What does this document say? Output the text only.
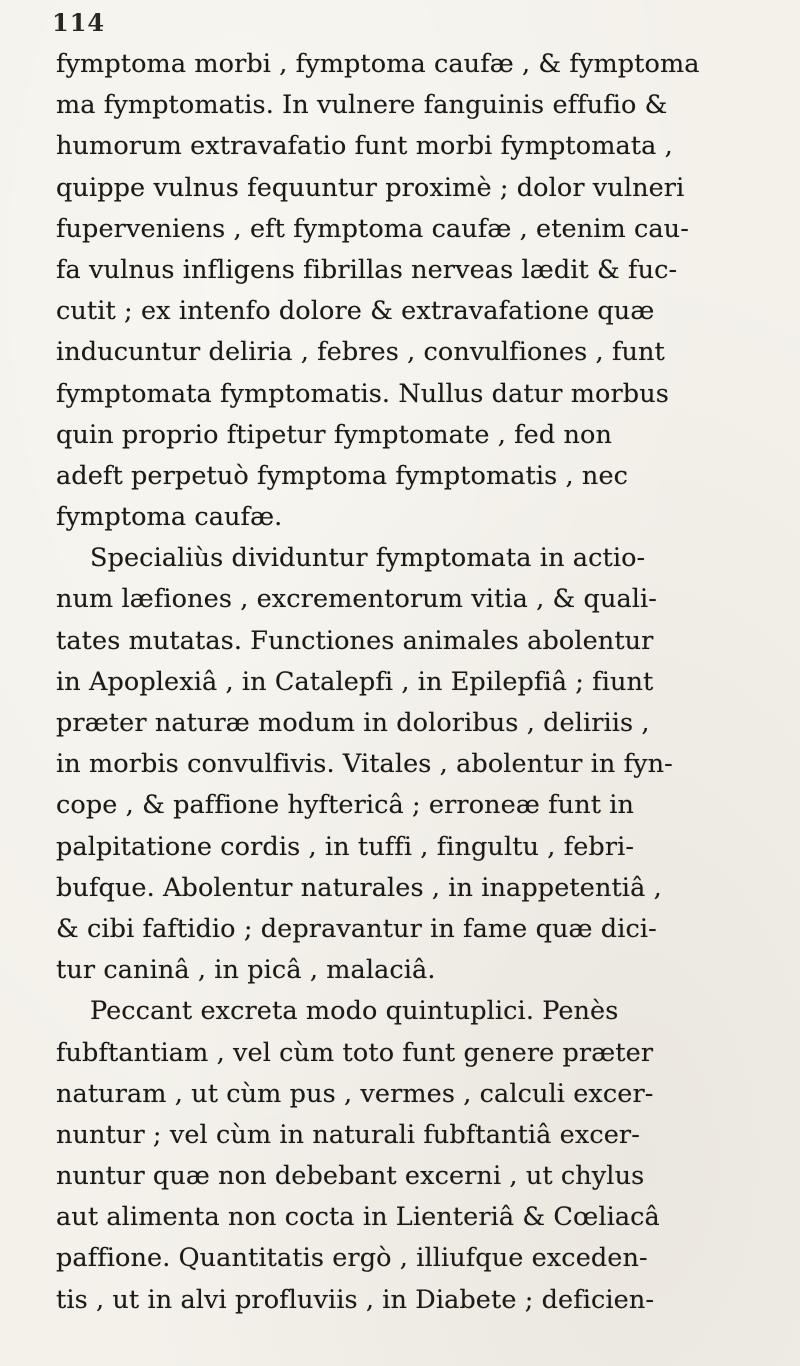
114
fymptoma morbi , fymptoma caufæ , & fymptoma
ma fymptomatis. In vulnere fanguinis effufio &
humorum extravafatio funt morbi fymptomata ,
quippe vulnus fequuntur proximè ; dolor vulneri
fuperveniens , eft fymptoma caufæ , etenim cau-
fa vulnus infligens fibrillas nerveas lædit & fuc-
cutit ; ex intenfo dolore & extravafatione quæ
inducuntur deliria , febres , convulfiones , funt
fymptomata fymptomatis. Nullus datur morbus
quin proprio ftipetur fymptomate , fed non
adeft perpetuò fymptoma fymptomatis , nec
fymptoma caufæ.
Specialiùs dividuntur fymptomata in actio-
num læfiones , excrementorum vitia , & quali-
tates mutatas. Functiones animales abolentur
in Apoplexiâ , in Catalepfi , in Epilepfiâ ; fiunt
præter naturæ modum in doloribus , deliriis ,
in morbis convulfivis. Vitales , abolentur in fyn-
cope , & paffione hyftericâ ; erroneæ funt in
palpitatione cordis , in tuffi , fingultu , febri-
bufque. Abolentur naturales , in inappetentiâ ,
& cibi faftidio ; depravantur in fame quæ dici-
tur caninâ , in picâ , malaciâ.
Peccant excreta modo quintuplici. Penès
fubftantiam , vel cùm toto funt genere præter
naturam , ut cùm pus , vermes , calculi excer-
nuntur ; vel cùm in naturali fubftantiâ excer-
nuntur quæ non debebant excerni , ut chylus
aut alimenta non cocta in Lienteriâ & Cœliacâ
paffione. Quantitatis ergò , illiufque exceden-
tis , ut in alvi profluviis , in Diabete ; deficien-
